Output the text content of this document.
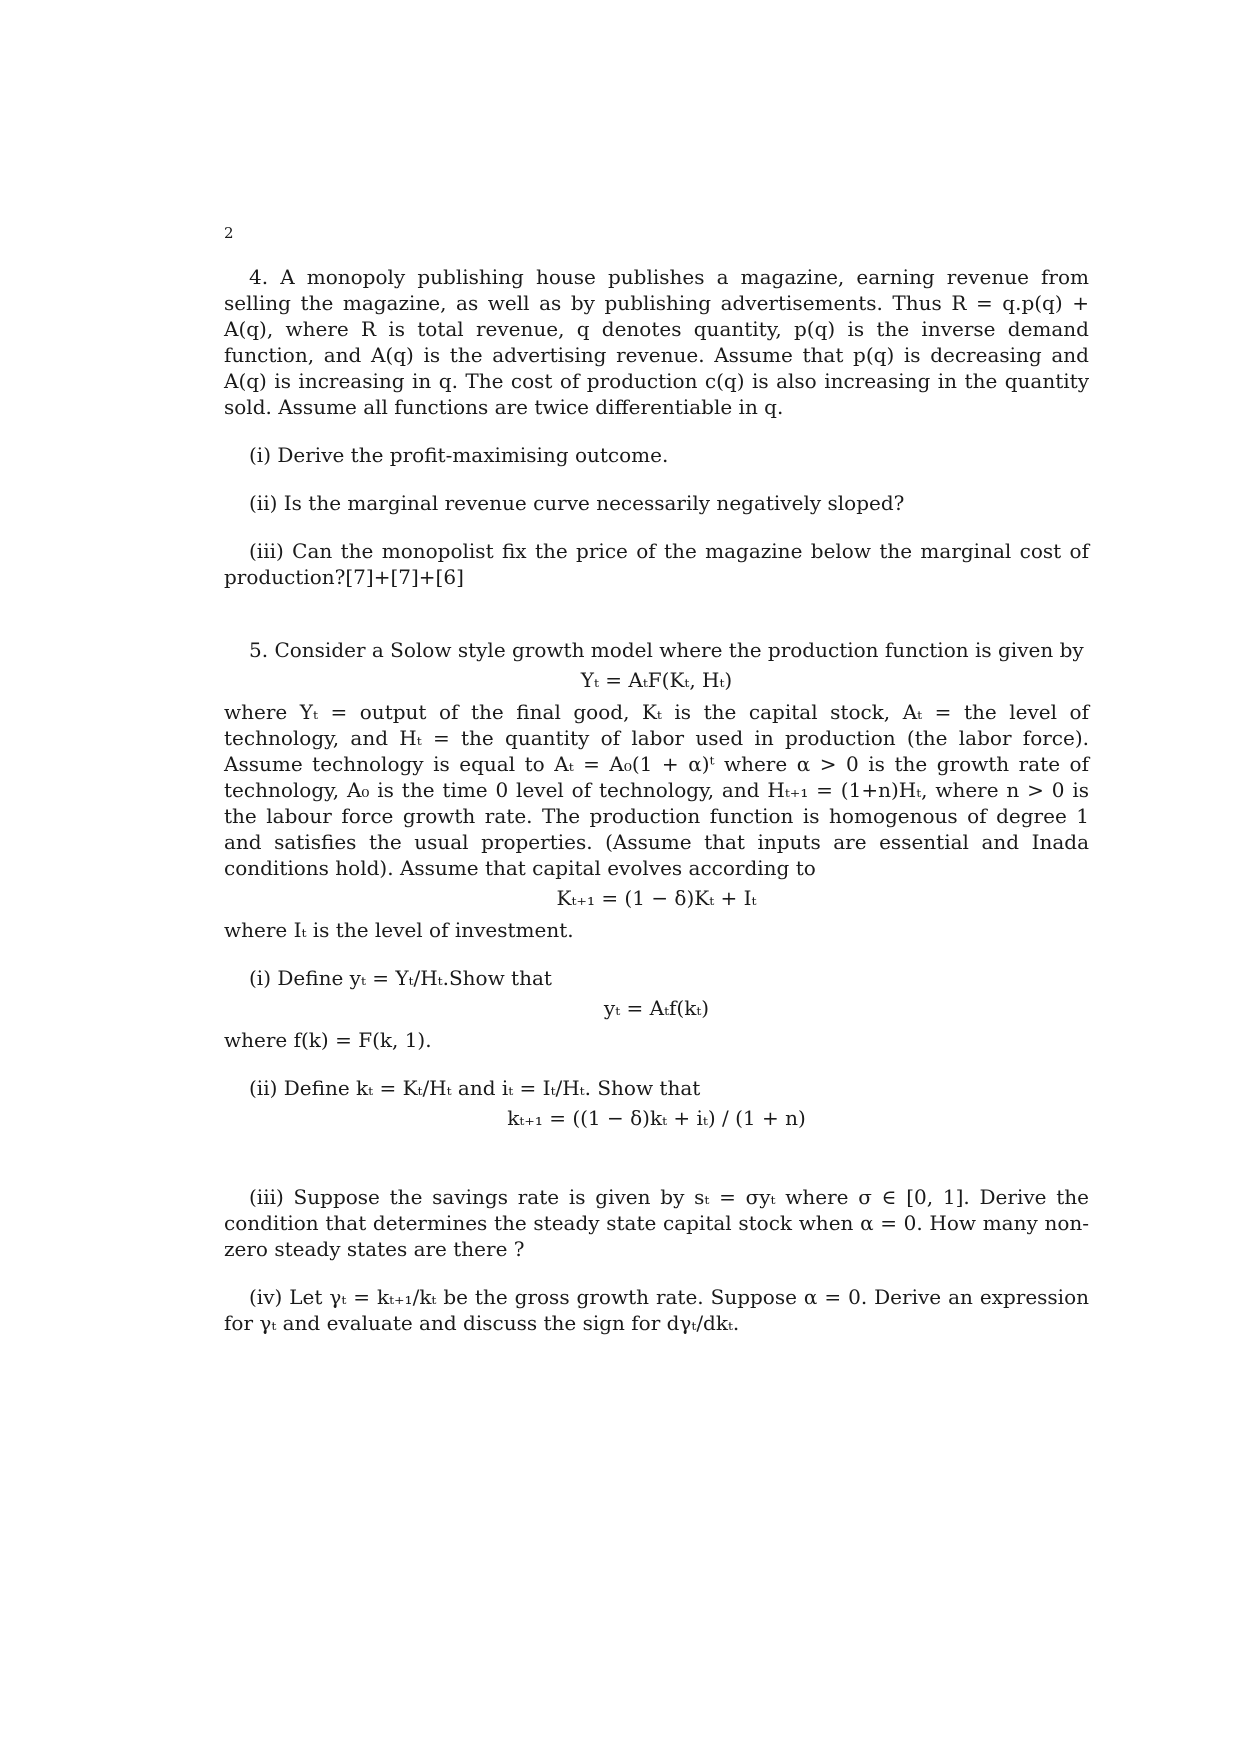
2

4. A monopoly publishing house publishes a magazine, earning revenue from selling the magazine, as well as by publishing advertisements. Thus R = q.p(q) + A(q), where R is total revenue, q denotes quantity, p(q) is the inverse demand function, and A(q) is the advertising revenue. Assume that p(q) is decreasing and A(q) is increasing in q. The cost of production c(q) is also increasing in the quantity sold. Assume all functions are twice differentiable in q.

(i) Derive the profit-maximising outcome.

(ii) Is the marginal revenue curve necessarily negatively sloped?

(iii) Can the monopolist fix the price of the magazine below the marginal cost of production?[7]+[7]+[6]

5. Consider a Solow style growth model where the production function is given by

Yₜ = AₜF(Kₜ, Hₜ)

where Yₜ = output of the final good, Kₜ is the capital stock, Aₜ = the level of technology, and Hₜ = the quantity of labor used in production (the labor force). Assume technology is equal to Aₜ = A₀(1 + α)ᵗ where α > 0 is the growth rate of technology, A₀ is the time 0 level of technology, and Hₜ₊₁ = (1+n)Hₜ, where n > 0 is the labour force growth rate. The production function is homogenous of degree 1 and satisfies the usual properties. (Assume that inputs are essential and Inada conditions hold). Assume that capital evolves according to

Kₜ₊₁ = (1 − δ)Kₜ + Iₜ

where Iₜ is the level of investment.

(i) Define yₜ = Yₜ/Hₜ.Show that

yₜ = Aₜf(kₜ)

where f(k) = F(k, 1).

(ii) Define kₜ = Kₜ/Hₜ and iₜ = Iₜ/Hₜ. Show that

kₜ₊₁ = ((1 − δ)kₜ + iₜ) / (1 + n)

(iii) Suppose the savings rate is given by sₜ = σyₜ where σ ∈ [0, 1]. Derive the condition that determines the steady state capital stock when α = 0. How many non-zero steady states are there ?

(iv) Let γₜ = kₜ₊₁/kₜ be the gross growth rate. Suppose α = 0. Derive an expression for γₜ and evaluate and discuss the sign for dγₜ/dkₜ.
